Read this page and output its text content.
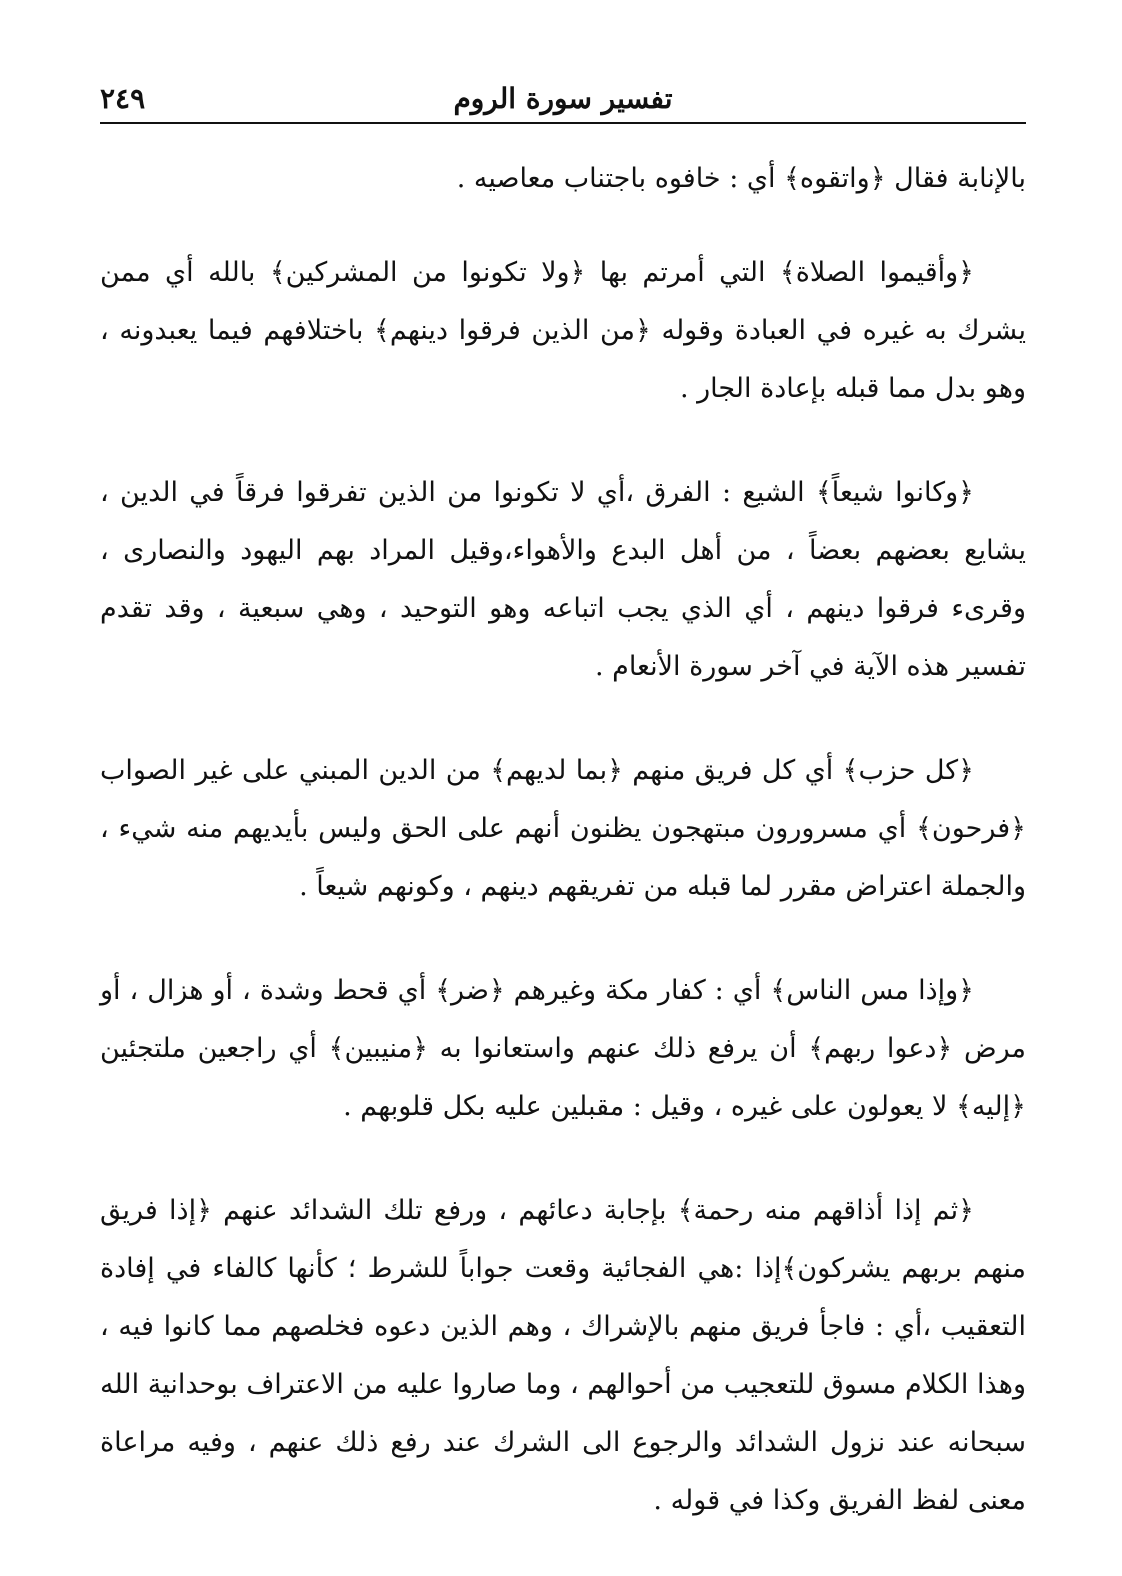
٢٤٩	تفسير سورة الروم

بالإنابة فقال ﴿واتقوه﴾ أي : خافوه باجتناب معاصيه .

﴿وأقيموا الصلاة﴾ التي أمرتم بها ﴿ولا تكونوا من المشركين﴾ بالله أي ممن يشرك به غيره في العبادة وقوله ﴿من الذين فرقوا دينهم﴾ باختلافهم فيما يعبدونه ، وهو بدل مما قبله بإعادة الجار .

﴿وكانوا شيعاً﴾ الشيع : الفرق ،أي لا تكونوا من الذين تفرقوا فرقاً في الدين ، يشايع بعضهم بعضاً ، من أهل البدع والأهواء،وقيل المراد بهم اليهود والنصارى ، وقرىء فرقوا دينهم ، أي الذي يجب اتباعه وهو التوحيد ، وهي سبعية ، وقد تقدم تفسير هذه الآية في آخر سورة الأنعام .

﴿كل حزب﴾ أي كل فريق منهم ﴿بما لديهم﴾ من الدين المبني على غير الصواب ﴿فرحون﴾ أي مسرورون مبتهجون يظنون أنهم على الحق وليس بأيديهم منه شيء ، والجملة اعتراض مقرر لما قبله من تفريقهم دينهم ، وكونهم شيعاً .

﴿وإذا مس الناس﴾ أي : كفار مكة وغيرهم ﴿ضر﴾ أي قحط وشدة ، أو هزال ، أو مرض ﴿دعوا ربهم﴾ أن يرفع ذلك عنهم واستعانوا به ﴿منيبين﴾ أي راجعين ملتجئين ﴿إليه﴾ لا يعولون على غيره ، وقيل : مقبلين عليه بكل قلوبهم .

﴿ثم إذا أذاقهم منه رحمة﴾ بإجابة دعائهم ، ورفع تلك الشدائد عنهم ﴿إذا فريق منهم بربهم يشركون﴾إذا :هي الفجائية وقعت جواباً للشرط ؛ كأنها كالفاء في إفادة التعقيب ،أي : فاجأ فريق منهم بالإشراك ، وهم الذين دعوه فخلصهم مما كانوا فيه ، وهذا الكلام مسوق للتعجيب من أحوالهم ، وما صاروا عليه من الاعتراف بوحدانية الله سبحانه عند نزول الشدائد والرجوع الى الشرك عند رفع ذلك عنهم ، وفيه مراعاة معنى لفظ الفريق وكذا في قوله .
